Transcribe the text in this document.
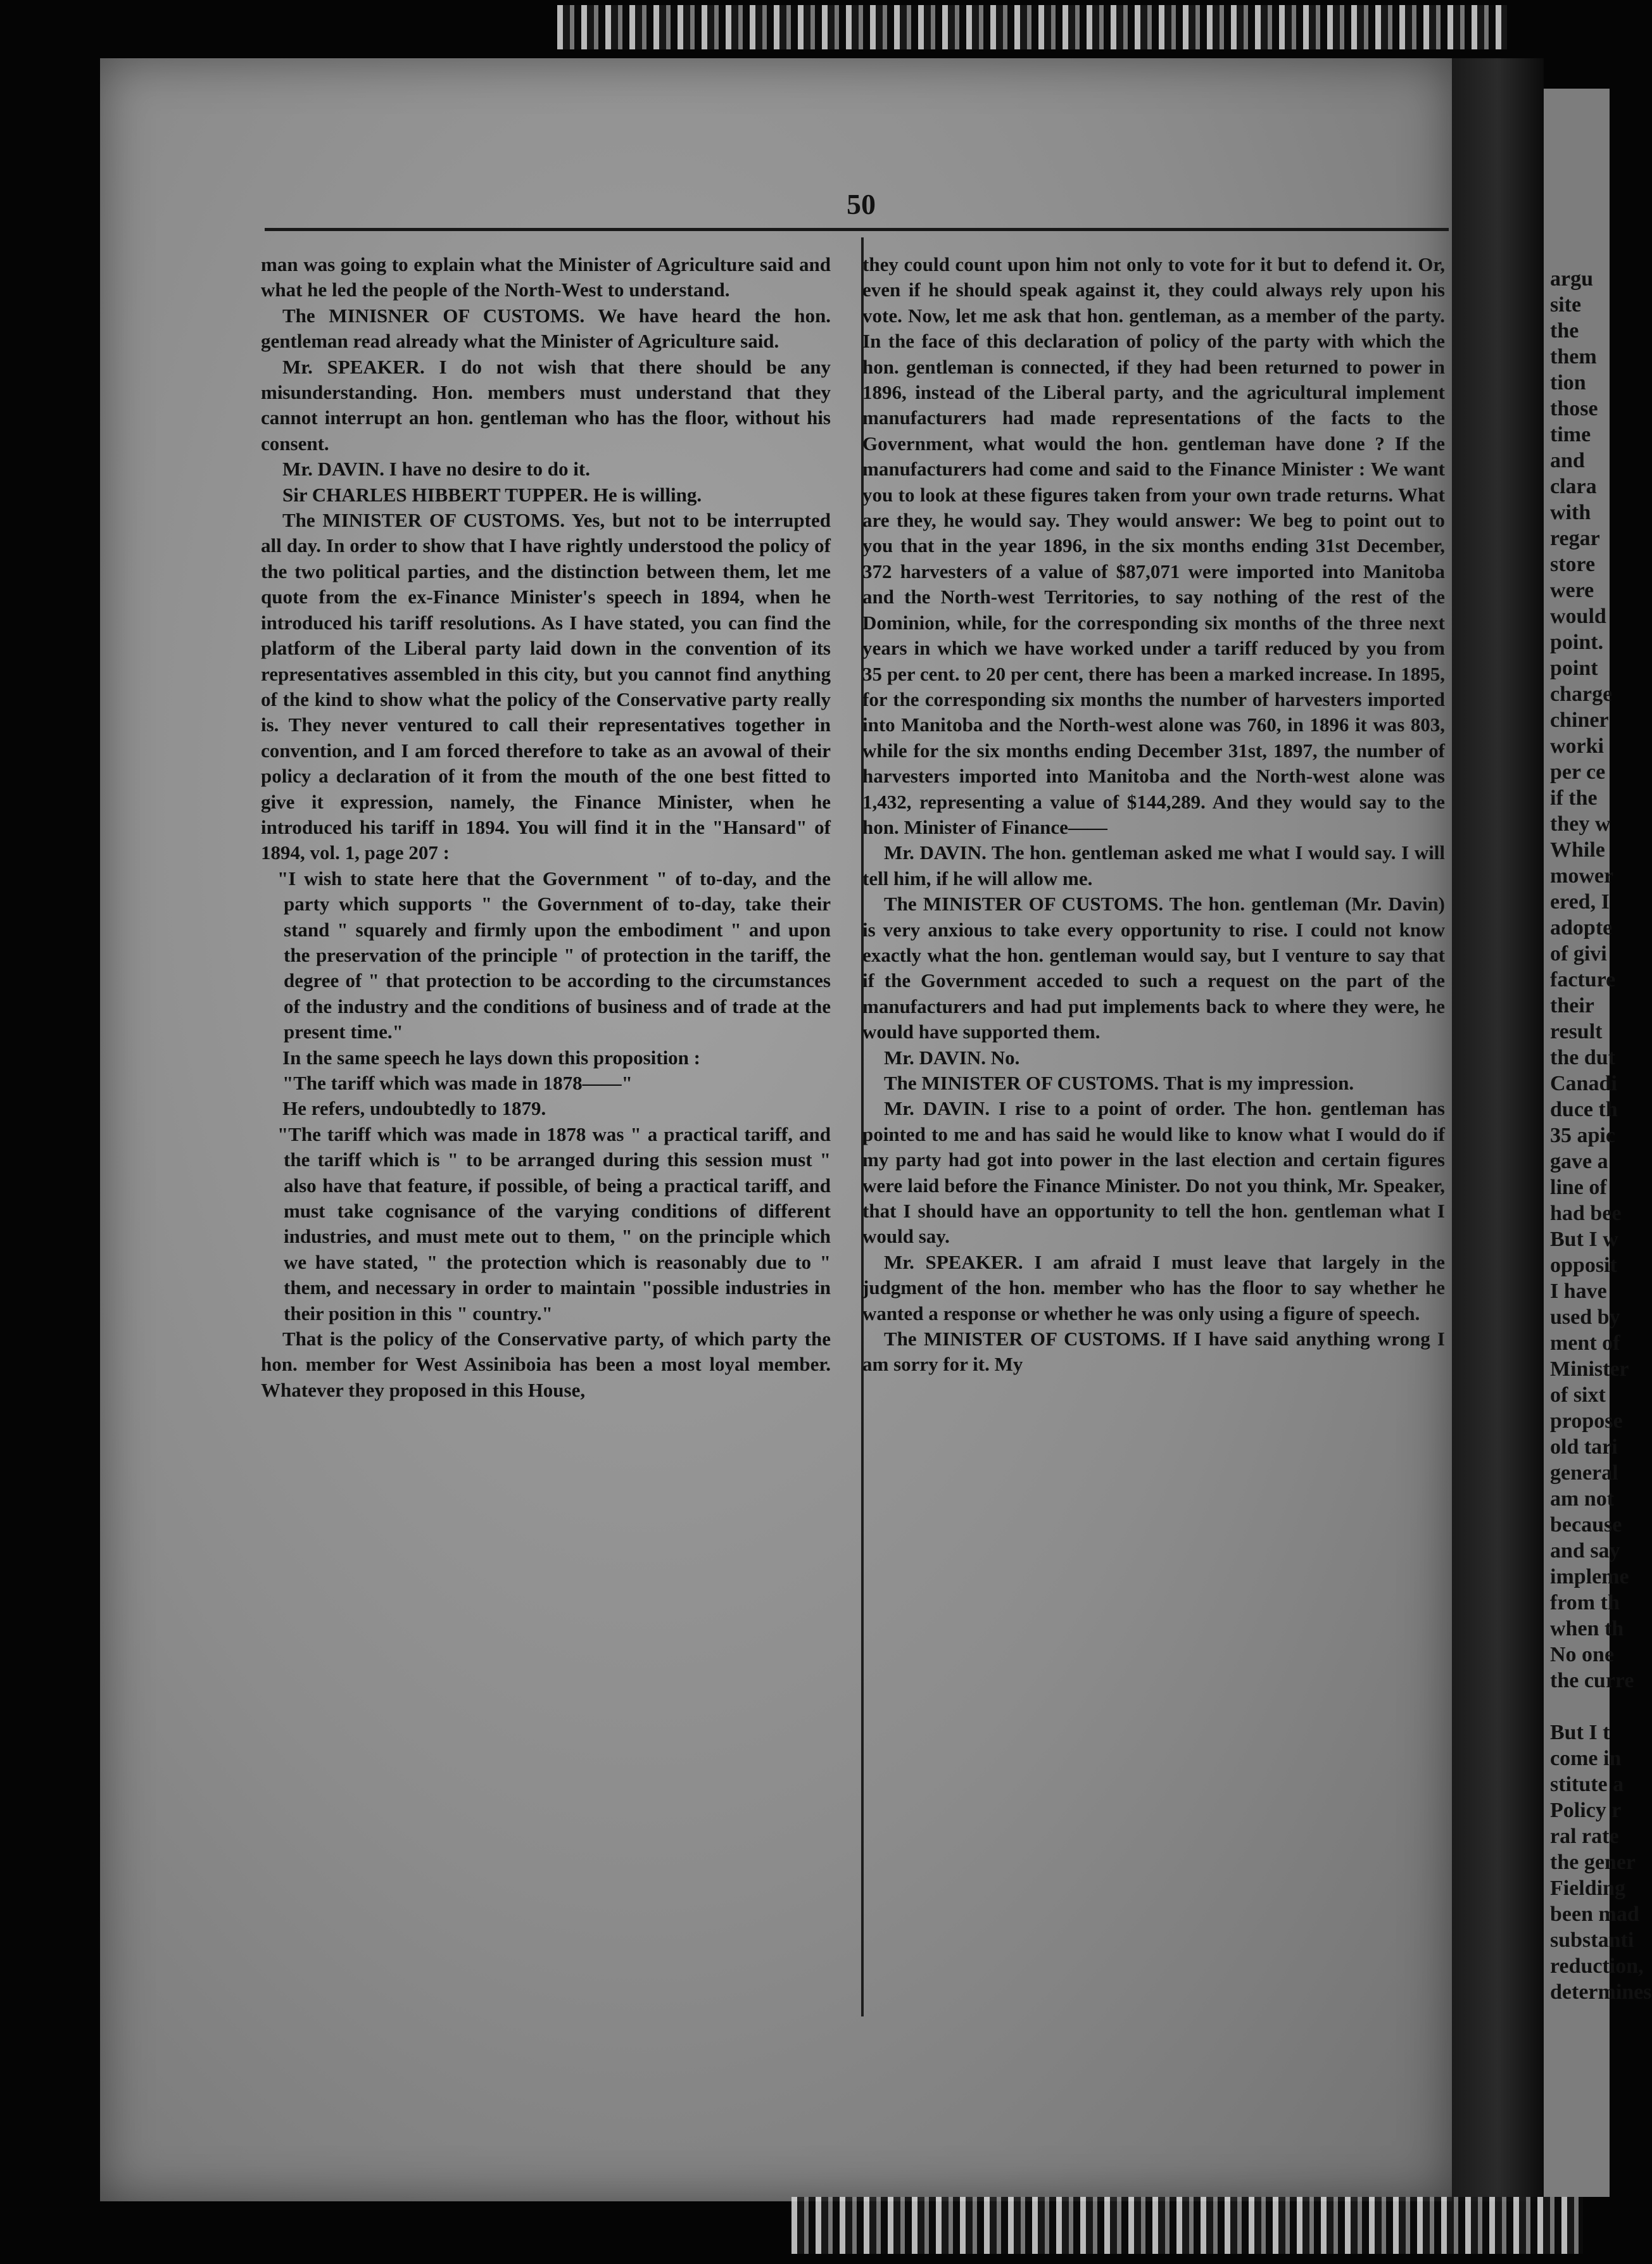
argu
site
the
them
tion
those
time
and
clara
with
regar
store
were
would
point.
point
charge
chiner
worki
per ce
if the
they w
While
mower
ered, I
adopte
of givi
facture
their
result
the dut
Canadi
duce th
35 apic
gave a
line of
had bee
But I w
opposit
I have
used by
ment of
Minister
of sixt
propose
old tari
general
am not
because
and say
impleme
from th
when th
No one
the curre

But I t
come in
stitute a
Policy r
ral rate
the gener
Fielding
been mad
substanti
reduction,
determines
50

man was going to explain what the Minister of Agriculture said and what he led the people of the North-West to understand.

The MINISNER OF CUSTOMS. We have heard the hon. gentleman read already what the Minister of Agriculture said.

Mr. SPEAKER. I do not wish that there should be any misunderstanding. Hon. members must understand that they cannot interrupt an hon. gentleman who has the floor, without his consent.

Mr. DAVIN. I have no desire to do it.

Sir CHARLES HIBBERT TUPPER. He is willing.

The MINISTER OF CUSTOMS. Yes, but not to be interrupted all day. In order to show that I have rightly understood the policy of the two political parties, and the distinction between them, let me quote from the ex-Finance Minister's speech in 1894, when he introduced his tariff resolutions. As I have stated, you can find the platform of the Liberal party laid down in the convention of its representatives assembled in this city, but you cannot find anything of the kind to show what the policy of the Conservative party really is. They never ventured to call their representatives together in convention, and I am forced therefore to take as an avowal of their policy a declaration of it from the mouth of the one best fitted to give it expression, namely, the Finance Minister, when he introduced his tariff in 1894. You will find it in the "Hansard" of 1894, vol. 1, page 207 :

"I wish to state here that the Government " of to-day, and the party which supports " the Government of to-day, take their stand " squarely and firmly upon the embodiment " and upon the preservation of the principle " of protection in the tariff, the degree of " that protection to be according to the circumstances of the industry and the conditions of business and of trade at the present time."

In the same speech he lays down this proposition :

"The tariff which was made in 1878——"

He refers, undoubtedly to 1879.

"The tariff which was made in 1878 was " a practical tariff, and the tariff which is " to be arranged during this session must " also have that feature, if possible, of being a practical tariff, and must take cognisance of the varying conditions of different industries, and must mete out to them, " on the principle which we have stated, " the protection which is reasonably due to " them, and necessary in order to maintain "possible industries in their position in this " country."

That is the policy of the Conservative party, of which party the hon. member for West Assiniboia has been a most loyal member. Whatever they proposed in this House,

they could count upon him not only to vote for it but to defend it. Or, even if he should speak against it, they could always rely upon his vote. Now, let me ask that hon. gentleman, as a member of the party. In the face of this declaration of policy of the party with which the hon. gentleman is connected, if they had been returned to power in 1896, instead of the Liberal party, and the agricultural implement manufacturers had made representations of the facts to the Government, what would the hon. gentleman have done ? If the manufacturers had come and said to the Finance Minister : We want you to look at these figures taken from your own trade returns. What are they, he would say. They would answer: We beg to point out to you that in the year 1896, in the six months ending 31st December, 372 harvesters of a value of $87,071 were imported into Manitoba and the North-west Territories, to say nothing of the rest of the Dominion, while, for the corresponding six months of the three next years in which we have worked under a tariff reduced by you from 35 per cent. to 20 per cent, there has been a marked increase. In 1895, for the corresponding six months the number of harvesters imported into Manitoba and the North-west alone was 760, in 1896 it was 803, while for the six months ending December 31st, 1897, the number of harvesters imported into Manitoba and the North-west alone was 1,432, representing a value of $144,289. And they would say to the hon. Minister of Finance——

Mr. DAVIN. The hon. gentleman asked me what I would say. I will tell him, if he will allow me.

The MINISTER OF CUSTOMS. The hon. gentleman (Mr. Davin) is very anxious to take every opportunity to rise. I could not know exactly what the hon. gentleman would say, but I venture to say that if the Government acceded to such a request on the part of the manufacturers and had put implements back to where they were, he would have supported them.

Mr. DAVIN. No.

The MINISTER OF CUSTOMS. That is my impression.

Mr. DAVIN. I rise to a point of order. The hon. gentleman has pointed to me and has said he would like to know what I would do if my party had got into power in the last election and certain figures were laid before the Finance Minister. Do not you think, Mr. Speaker, that I should have an opportunity to tell the hon. gentleman what I would say.

Mr. SPEAKER. I am afraid I must leave that largely in the judgment of the hon. member who has the floor to say whether he wanted a response or whether he was only using a figure of speech.

The MINISTER OF CUSTOMS. If I have said anything wrong I am sorry for it. My
